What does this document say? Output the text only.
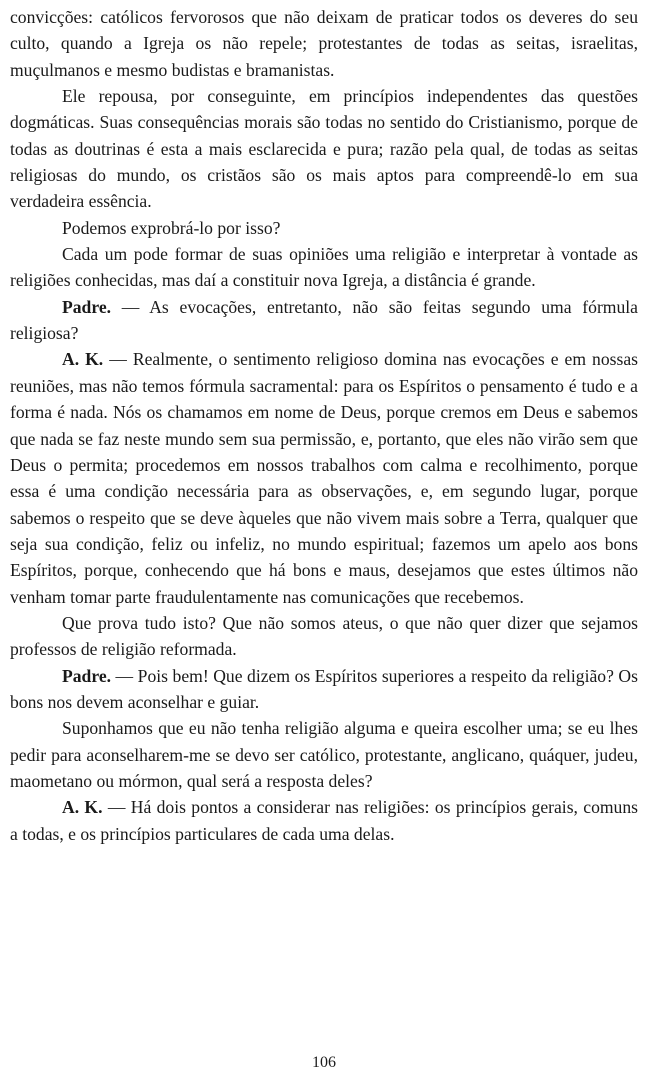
convicções: católicos fervorosos que não deixam de praticar todos os deveres do seu culto, quando a Igreja os não repele; protestantes de todas as seitas, israelitas, muçulmanos e mesmo budistas e bramanistas.

Ele repousa, por conseguinte, em princípios independentes das questões dogmáticas. Suas consequências morais são todas no sentido do Cristianismo, porque de todas as doutrinas é esta a mais esclarecida e pura; razão pela qual, de todas as seitas religiosas do mundo, os cristãos são os mais aptos para compreendê-lo em sua verdadeira essência.

Podemos exprobrá-lo por isso?

Cada um pode formar de suas opiniões uma religião e interpretar à vontade as religiões conhecidas, mas daí a constituir nova Igreja, a distância é grande.

Padre. — As evocações, entretanto, não são feitas segundo uma fórmula religiosa?

A. K. — Realmente, o sentimento religioso domina nas evocações e em nossas reuniões, mas não temos fórmula sacramental: para os Espíritos o pensamento é tudo e a forma é nada. Nós os chamamos em nome de Deus, porque cremos em Deus e sabemos que nada se faz neste mundo sem sua permissão, e, portanto, que eles não virão sem que Deus o permita; procedemos em nossos trabalhos com calma e recolhimento, porque essa é uma condição necessária para as observações, e, em segundo lugar, porque sabemos o respeito que se deve àqueles que não vivem mais sobre a Terra, qualquer que seja sua condição, feliz ou infeliz, no mundo espiritual; fazemos um apelo aos bons Espíritos, porque, conhecendo que há bons e maus, desejamos que estes últimos não venham tomar parte fraudulentamente nas comunicações que recebemos.

Que prova tudo isto? Que não somos ateus, o que não quer dizer que sejamos professos de religião reformada.

Padre. — Pois bem! Que dizem os Espíritos superiores a respeito da religião? Os bons nos devem aconselhar e guiar.

Suponhamos que eu não tenha religião alguma e queira escolher uma; se eu lhes pedir para aconselharem-me se devo ser católico, protestante, anglicano, quáquer, judeu, maometano ou mórmon, qual será a resposta deles?

A. K. — Há dois pontos a considerar nas religiões: os princípios gerais, comuns a todas, e os princípios particulares de cada uma delas.

106
